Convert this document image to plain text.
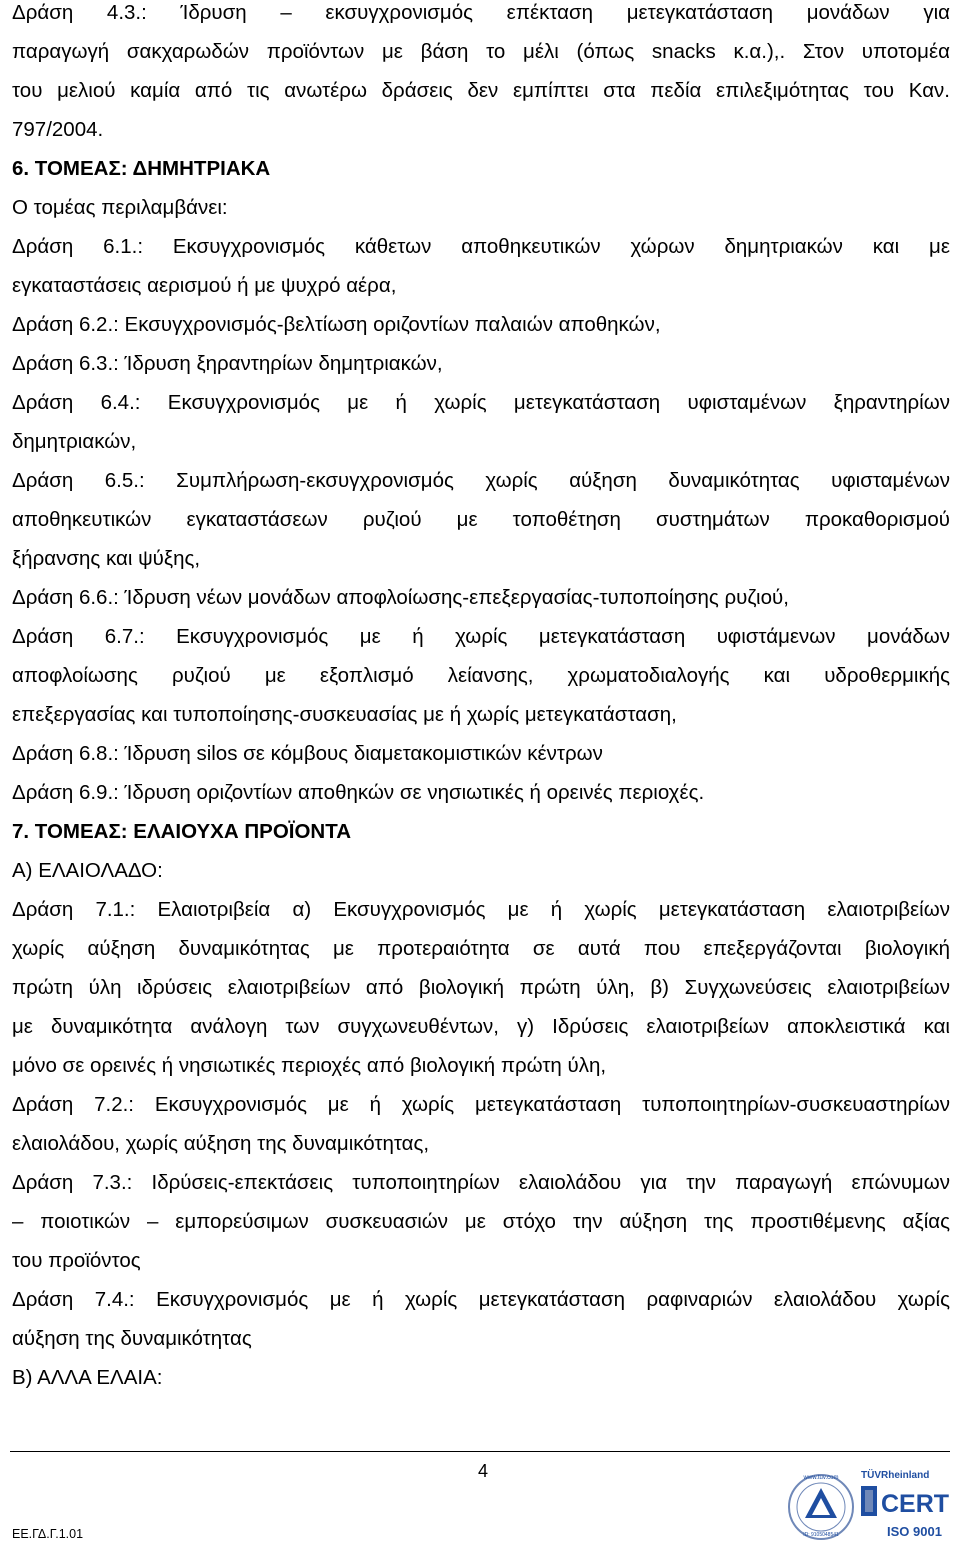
Δράση 4.3.: Ίδρυση – εκσυγχρονισμός επέκταση μετεγκατάσταση μονάδων για
παραγωγή σακχαρωδών προϊόντων με βάση το μέλι (όπως snacks κ.α.),. Στον υποτομέα
του μελιού καμία από τις ανωτέρω δράσεις δεν εμπίπτει στα πεδία επιλεξιμότητας του Καν.
797/2004.
6. ΤΟΜΕΑΣ: ΔΗΜΗΤΡΙΑΚΑ
Ο τομέας περιλαμβάνει:
Δράση 6.1.: Εκσυγχρονισμός κάθετων αποθηκευτικών χώρων δημητριακών και με
εγκαταστάσεις αερισμού ή με ψυχρό αέρα,
Δράση 6.2.: Εκσυγχρονισμός-βελτίωση οριζοντίων παλαιών αποθηκών,
Δράση 6.3.: Ίδρυση ξηραντηρίων δημητριακών,
Δράση 6.4.: Εκσυγχρονισμός με ή χωρίς μετεγκατάσταση υφισταμένων ξηραντηρίων
δημητριακών,
Δράση 6.5.: Συμπλήρωση-εκσυγχρονισμός χωρίς αύξηση δυναμικότητας υφισταμένων
αποθηκευτικών εγκαταστάσεων ρυζιού με τοποθέτηση συστημάτων προκαθορισμού
ξήρανσης και ψύξης,
Δράση 6.6.: Ίδρυση νέων μονάδων αποφλοίωσης-επεξεργασίας-τυποποίησης ρυζιού,
Δράση 6.7.: Εκσυγχρονισμός με ή χωρίς μετεγκατάσταση υφιστάμενων μονάδων
αποφλοίωσης ρυζιού με εξοπλισμό λείανσης, χρωματοδιαλογής και υδροθερμικής
επεξεργασίας και τυποποίησης-συσκευασίας με ή χωρίς μετεγκατάσταση,
Δράση 6.8.: Ίδρυση silos σε κόμβους διαμετακομιστικών κέντρων
Δράση 6.9.: Ίδρυση οριζοντίων αποθηκών σε νησιωτικές ή ορεινές περιοχές.
7. ΤΟΜΕΑΣ: ΕΛΑΙΟΥΧΑ ΠΡΟΪΟΝΤΑ
Α) ΕΛΑΙΟΛΑΔΟ:
Δράση 7.1.: Ελαιοτριβεία α) Εκσυγχρονισμός με ή χωρίς μετεγκατάσταση ελαιοτριβείων
χωρίς αύξηση δυναμικότητας με προτεραιότητα σε αυτά που επεξεργάζονται βιολογική
πρώτη ύλη ιδρύσεις ελαιοτριβείων από βιολογική πρώτη ύλη, β) Συγχωνεύσεις ελαιοτριβείων
με δυναμικότητα ανάλογη των συγχωνευθέντων, γ) Ιδρύσεις ελαιοτριβείων αποκλειστικά και
μόνο σε ορεινές ή νησιωτικές περιοχές από βιολογική πρώτη ύλη,
Δράση 7.2.: Εκσυγχρονισμός με ή χωρίς μετεγκατάσταση τυποποιητηρίων-συσκευαστηρίων
ελαιολάδου, χωρίς αύξηση της δυναμικότητας,
Δράση 7.3.: Ιδρύσεις-επεκτάσεις τυποποιητηρίων ελαιολάδου για την παραγωγή επώνυμων
– ποιοτικών – εμπορεύσιμων συσκευασιών με στόχο την αύξηση της προστιθέμενης αξίας
του προϊόντος
Δράση 7.4.: Εκσυγχρονισμός με ή χωρίς μετεγκατάσταση ραφιναριών ελαιολάδου χωρίς
αύξηση της δυναμικότητας
Β) ΑΛΛΑ ΕΛΑΙΑ:
4
ΕΕ.ΓΔ.Γ.1.01
www.tuv.com
ID: 9105048541
TÜVRheinland
CERT
ISO 9001
